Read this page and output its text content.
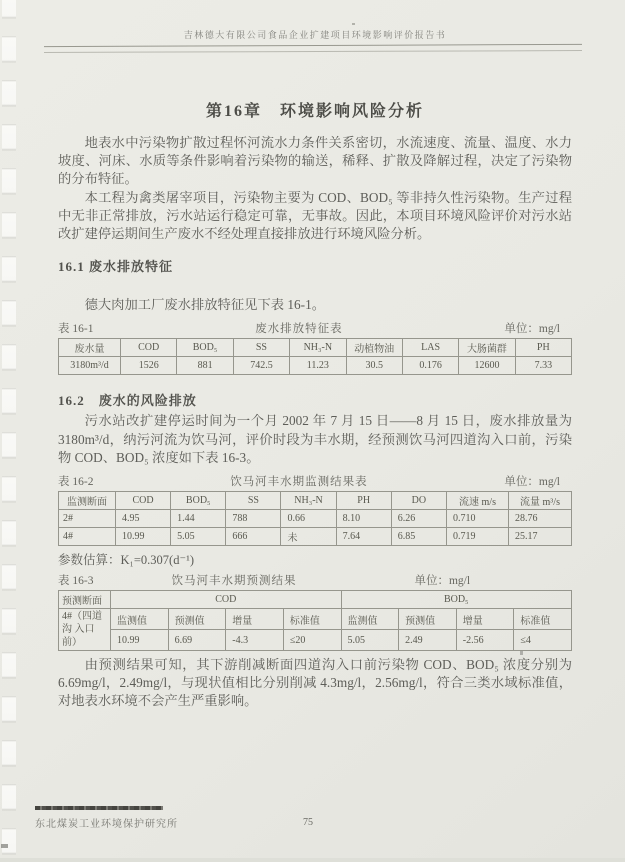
吉林德大有限公司食品企业扩建项目环境影响评价报告书
第16章　环境影响风险分析

地表水中污染物扩散过程怀河流水力条件关系密切，水流速度、流量、温度、水力坡度、河床、水质等条件影响着污染物的输送，稀释、扩散及降解过程，决定了污染物的分布特征。

本工程为禽类屠宰项目，污染物主要为 COD、BOD₅ 等非持久性污染物。生产过程中无非正常排放，污水站运行稳定可靠，无事故。因此，本项目环境风险评价对污水站改扩建停运期间生产废水不经处理直接排放进行环境风险分析。

16.1 废水排放特征

德大肉加工厂废水排放特征见下表 16-1。

表 16-1	废水排放特征表	单位：mg/l
废水量	COD	BOD₅	SS	NH₃-N	动植物油	LAS	大肠菌群	PH
3180m³/d	1526	881	742.5	11.23	30.5	0.176	12600	7.33
16.2　废水的风险排放

污水站改扩建停运时间为一个月 2002 年 7 月 15 日——8 月 15 日，废水排放量为 3180m³/d，纳污河流为饮马河，评价时段为丰水期，经预测饮马河四道沟入口前，污染物 COD、BOD₅ 浓度如下表 16-3。

表 16-2	饮马河丰水期监测结果表	单位：mg/l
监测断面	COD	BOD₅	SS	NH₃-N	PH	DO	流速 m/s	流量 m³/s
2#	4.95	1.44	788	0.66	8.10	6.26	0.710	28.76
4#	10.99	5.05	666	未	7.64	6.85	0.719	25.17

参数估算：K₁=0.307(d⁻¹)

表 16-3	饮马河丰水期预测结果	单位：mg/l
预测断面	COD				BOD₅			
4#（四道沟 入口前）	监测值	预测值	增量	标准值	监测值	预测值	增量	标准值
	10.99	6.69	-4.3	≤20	5.05	2.49	-2.56	≤4

由预测结果可知，其下游削减断面四道沟入口前污染物 COD、BOD₅ 浓度分别为 6.69mg/l，2.49mg/l，与现状值相比分别削减 4.3mg/l，2.56mg/l，符合三类水域标准值，对地表水环境不会产生严重影响。

东北煤炭工业环境保护研究所	75
